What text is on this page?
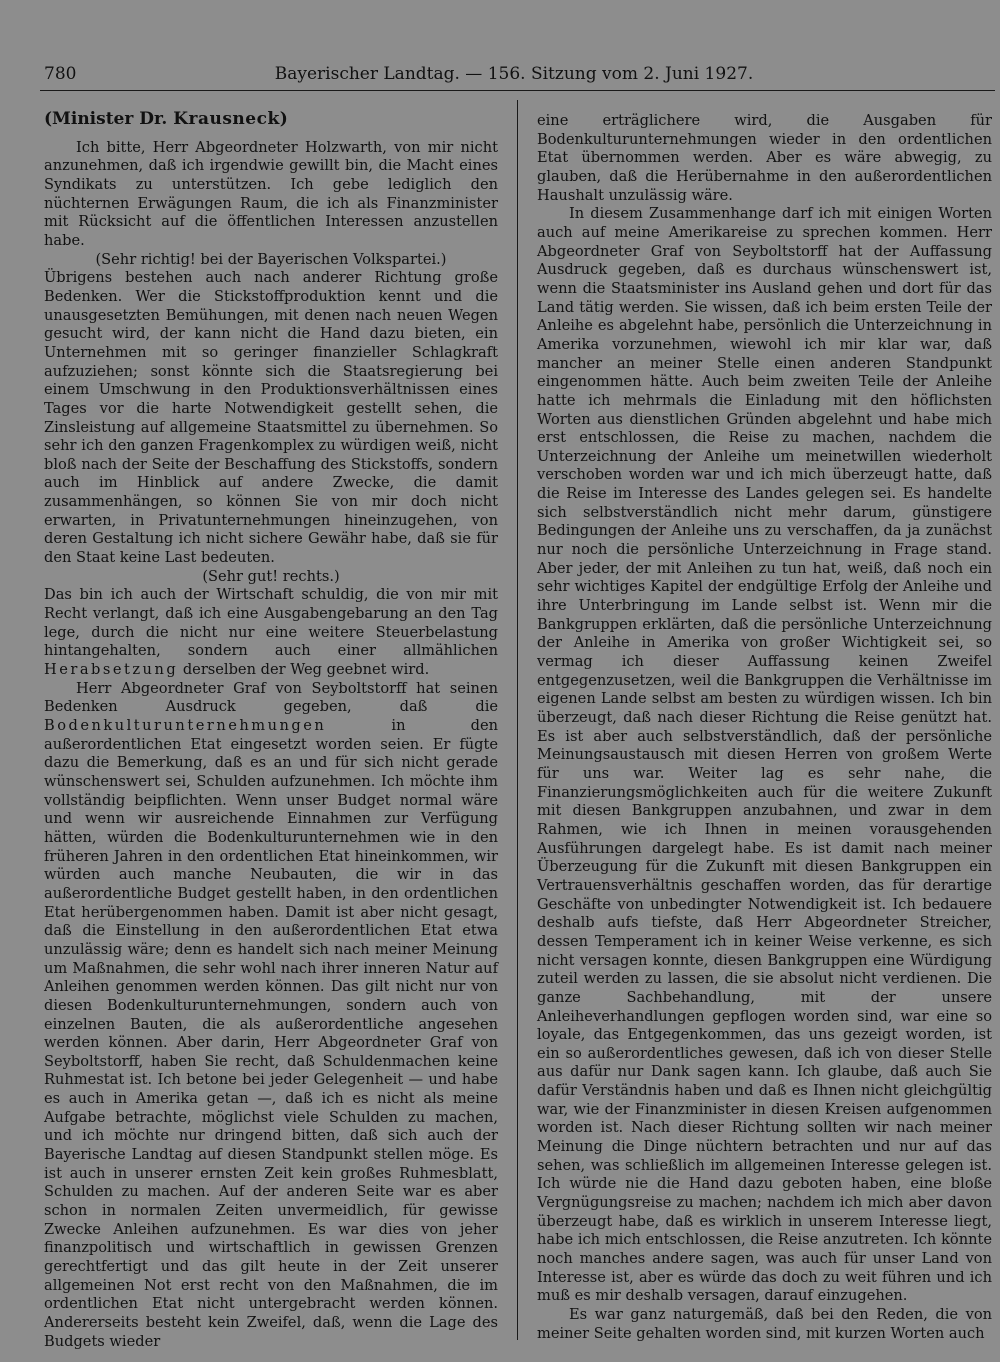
780	Bayerischer Landtag. — 156. Sitzung vom 2. Juni 1927.

(Minister Dr. Krausneck)

Ich bitte, Herr Abgeordneter Holzwarth, von mir nicht anzunehmen, daß ich irgendwie gewillt bin, die Macht eines Syndikats zu unterstützen. Ich gebe lediglich den nüchternen Erwägungen Raum, die ich als Finanzminister mit Rücksicht auf die öffentlichen Interessen anzustellen habe.

(Sehr richtig! bei der Bayerischen Volkspartei.)

Übrigens bestehen auch nach anderer Richtung große Bedenken. Wer die Stickstoffproduktion kennt und die unausgesetzten Bemühungen, mit denen nach neuen Wegen gesucht wird, der kann nicht die Hand dazu bieten, ein Unternehmen mit so geringer finanzieller Schlagkraft aufzuziehen; sonst könnte sich die Staatsregierung bei einem Umschwung in den Produktionsverhältnissen eines Tages vor die harte Notwendigkeit gestellt sehen, die Zinsleistung auf allgemeine Staatsmittel zu übernehmen. So sehr ich den ganzen Fragenkomplex zu würdigen weiß, nicht bloß nach der Seite der Beschaffung des Stickstoffs, sondern auch im Hinblick auf andere Zwecke, die damit zusammenhängen, so können Sie von mir doch nicht erwarten, in Privatunternehmungen hineinzugehen, von deren Gestaltung ich nicht sichere Gewähr habe, daß sie für den Staat keine Last bedeuten.

(Sehr gut! rechts.)

Das bin ich auch der Wirtschaft schuldig, die von mir mit Recht verlangt, daß ich eine Ausgabengebarung an den Tag lege, durch die nicht nur eine weitere Steuerbelastung hintangehalten, sondern auch einer allmählichen Herabsetzung derselben der Weg geebnet wird.

Herr Abgeordneter Graf von Seyboltstorff hat seinen Bedenken Ausdruck gegeben, daß die Bodenkulturunternehmungen in den außerordentlichen Etat eingesetzt worden seien. Er fügte dazu die Bemerkung, daß es an und für sich nicht gerade wünschenswert sei, Schulden aufzunehmen. Ich möchte ihm vollständig beipflichten. Wenn unser Budget normal wäre und wenn wir ausreichende Einnahmen zur Verfügung hätten, würden die Bodenkulturunternehmen wie in den früheren Jahren in den ordentlichen Etat hineinkommen, wir würden auch manche Neubauten, die wir in das außerordentliche Budget gestellt haben, in den ordentlichen Etat herübergenommen haben. Damit ist aber nicht gesagt, daß die Einstellung in den außerordentlichen Etat etwa unzulässig wäre; denn es handelt sich nach meiner Meinung um Maßnahmen, die sehr wohl nach ihrer inneren Natur auf Anleihen genommen werden können. Das gilt nicht nur von diesen Bodenkulturunternehmungen, sondern auch von einzelnen Bauten, die als außerordentliche angesehen werden können. Aber darin, Herr Abgeordneter Graf von Seyboltstorff, haben Sie recht, daß Schuldenmachen keine Ruhmestat ist. Ich betone bei jeder Gelegenheit — und habe es auch in Amerika getan —, daß ich es nicht als meine Aufgabe betrachte, möglichst viele Schulden zu machen, und ich möchte nur dringend bitten, daß sich auch der Bayerische Landtag auf diesen Standpunkt stellen möge. Es ist auch in unserer ernsten Zeit kein großes Ruhmesblatt, Schulden zu machen. Auf der anderen Seite war es aber schon in normalen Zeiten unvermeidlich, für gewisse Zwecke Anleihen aufzunehmen. Es war dies von jeher finanzpolitisch und wirtschaftlich in gewissen Grenzen gerechtfertigt und das gilt heute in der Zeit unserer allgemeinen Not erst recht von den Maßnahmen, die im ordentlichen Etat nicht untergebracht werden können. Andererseits besteht kein Zweifel, daß, wenn die Lage des Budgets wieder

eine erträglichere wird, die Ausgaben für Bodenkulturunternehmungen wieder in den ordentlichen Etat übernommen werden. Aber es wäre abwegig, zu glauben, daß die Herübernahme in den außerordentlichen Haushalt unzulässig wäre.

In diesem Zusammenhange darf ich mit einigen Worten auch auf meine Amerikareise zu sprechen kommen. Herr Abgeordneter Graf von Seyboltstorff hat der Auffassung Ausdruck gegeben, daß es durchaus wünschenswert ist, wenn die Staatsminister ins Ausland gehen und dort für das Land tätig werden. Sie wissen, daß ich beim ersten Teile der Anleihe es abgelehnt habe, persönlich die Unterzeichnung in Amerika vorzunehmen, wiewohl ich mir klar war, daß mancher an meiner Stelle einen anderen Standpunkt eingenommen hätte. Auch beim zweiten Teile der Anleihe hatte ich mehrmals die Einladung mit den höflichsten Worten aus dienstlichen Gründen abgelehnt und habe mich erst entschlossen, die Reise zu machen, nachdem die Unterzeichnung der Anleihe um meinetwillen wiederholt verschoben worden war und ich mich überzeugt hatte, daß die Reise im Interesse des Landes gelegen sei. Es handelte sich selbstverständlich nicht mehr darum, günstigere Bedingungen der Anleihe uns zu verschaffen, da ja zunächst nur noch die persönliche Unterzeichnung in Frage stand. Aber jeder, der mit Anleihen zu tun hat, weiß, daß noch ein sehr wichtiges Kapitel der endgültige Erfolg der Anleihe und ihre Unterbringung im Lande selbst ist. Wenn mir die Bankgruppen erklärten, daß die persönliche Unterzeichnung der Anleihe in Amerika von großer Wichtigkeit sei, so vermag ich dieser Auffassung keinen Zweifel entgegenzusetzen, weil die Bankgruppen die Verhältnisse im eigenen Lande selbst am besten zu würdigen wissen. Ich bin überzeugt, daß nach dieser Richtung die Reise genützt hat. Es ist aber auch selbstverständlich, daß der persönliche Meinungsaustausch mit diesen Herren von großem Werte für uns war. Weiter lag es sehr nahe, die Finanzierungsmöglichkeiten auch für die weitere Zukunft mit diesen Bankgruppen anzubahnen, und zwar in dem Rahmen, wie ich Ihnen in meinen vorausgehenden Ausführungen dargelegt habe. Es ist damit nach meiner Überzeugung für die Zukunft mit diesen Bankgruppen ein Vertrauensverhältnis geschaffen worden, das für derartige Geschäfte von unbedingter Notwendigkeit ist. Ich bedauere deshalb aufs tiefste, daß Herr Abgeordneter Streicher, dessen Temperament ich in keiner Weise verkenne, es sich nicht versagen konnte, diesen Bankgruppen eine Würdigung zuteil werden zu lassen, die sie absolut nicht verdienen. Die ganze Sachbehandlung, mit der unsere Anleiheverhandlungen gepflogen worden sind, war eine so loyale, das Entgegenkommen, das uns gezeigt worden, ist ein so außerordentliches gewesen, daß ich von dieser Stelle aus dafür nur Dank sagen kann. Ich glaube, daß auch Sie dafür Verständnis haben und daß es Ihnen nicht gleichgültig war, wie der Finanzminister in diesen Kreisen aufgenommen worden ist. Nach dieser Richtung sollten wir nach meiner Meinung die Dinge nüchtern betrachten und nur auf das sehen, was schließlich im allgemeinen Interesse gelegen ist. Ich würde nie die Hand dazu geboten haben, eine bloße Vergnügungsreise zu machen; nachdem ich mich aber davon überzeugt habe, daß es wirklich in unserem Interesse liegt, habe ich mich entschlossen, die Reise anzutreten. Ich könnte noch manches andere sagen, was auch für unser Land von Interesse ist, aber es würde das doch zu weit führen und ich muß es mir deshalb versagen, darauf einzugehen.

Es war ganz naturgemäß, daß bei den Reden, die von meiner Seite gehalten worden sind, mit kurzen Worten auch
